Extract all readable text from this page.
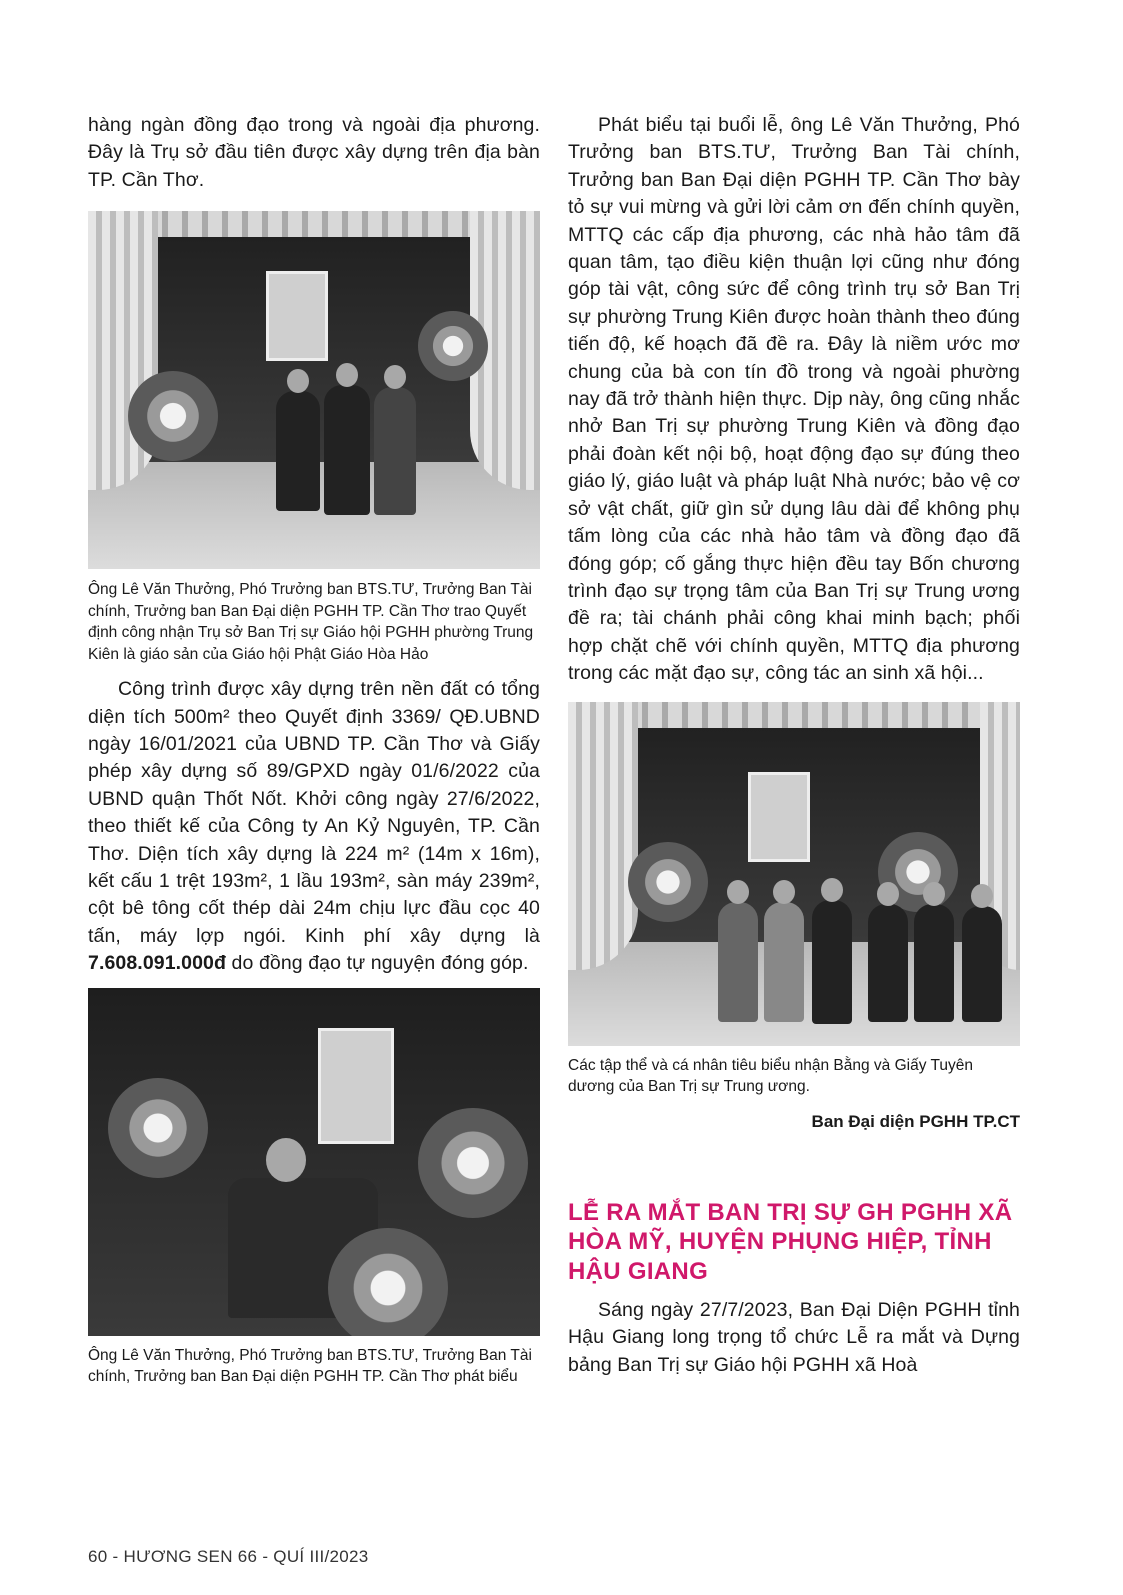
hàng ngàn đồng đạo trong và ngoài địa phương. Đây là Trụ sở đầu tiên được xây dựng trên địa bàn TP. Cần Thơ.

Ông Lê Văn Thưởng, Phó Trưởng ban BTS.TƯ, Trưởng Ban Tài chính, Trưởng ban Ban Đại diện PGHH TP. Cần Thơ trao Quyết định công nhận Trụ sở Ban Trị sự Giáo hội PGHH phường Trung Kiên là giáo sản của Giáo hội Phật Giáo Hòa Hảo

Công trình được xây dựng trên nền đất có tổng diện tích 500m² theo Quyết định 3369/ QĐ.UBND ngày 16/01/2021 của UBND TP. Cần Thơ và Giấy phép xây dựng số 89/GPXD ngày 01/6/2022 của UBND quận Thốt Nốt. Khởi công ngày 27/6/2022, theo thiết kế của Công ty An Kỷ Nguyên, TP. Cần Thơ. Diện tích xây dựng là 224 m² (14m x 16m), kết cấu 1 trệt 193m², 1 lầu 193m², sàn máy 239m², cột bê tông cốt thép dài 24m chịu lực đầu cọc 40 tấn, máy lợp ngói. Kinh phí xây dựng là 7.608.091.000đ do đồng đạo tự nguyện đóng góp.

Ông Lê Văn Thưởng, Phó Trưởng ban BTS.TƯ, Trưởng Ban Tài chính, Trưởng ban Ban Đại diện PGHH TP. Cần Thơ phát biểu

Phát biểu tại buổi lễ, ông Lê Văn Thưởng, Phó Trưởng ban BTS.TƯ, Trưởng Ban Tài chính, Trưởng ban Ban Đại diện PGHH TP. Cần Thơ bày tỏ sự vui mừng và gửi lời cảm ơn đến chính quyền, MTTQ các cấp địa phương, các nhà hảo tâm đã quan tâm, tạo điều kiện thuận lợi cũng như đóng góp tài vật, công sức để công trình trụ sở Ban Trị sự phường Trung Kiên được hoàn thành theo đúng tiến độ, kế hoạch đã đề ra. Đây là niềm ước mơ chung của bà con tín đồ trong và ngoài phường nay đã trở thành hiện thực. Dịp này, ông cũng nhắc nhở Ban Trị sự phường Trung Kiên và đồng đạo phải đoàn kết nội bộ, hoạt động đạo sự đúng theo giáo lý, giáo luật và pháp luật Nhà nước; bảo vệ cơ sở vật chất, giữ gìn sử dụng lâu dài để không phụ tấm lòng của các nhà hảo tâm và đồng đạo đã đóng góp; cố gắng thực hiện đều tay Bốn chương trình đạo sự trọng tâm của Ban Trị sự Trung ương đề ra; tài chánh phải công khai minh bạch; phối hợp chặt chẽ với chính quyền, MTTQ địa phương trong các mặt đạo sự, công tác an sinh xã hội...

Các tập thể và cá nhân tiêu biểu nhận Bằng và Giấy Tuyên dương của Ban Trị sự Trung ương.

Ban Đại diện PGHH TP.CT

LỄ RA MẮT BAN TRỊ SỰ GH PGHH XÃ HÒA MỸ, HUYỆN PHỤNG HIỆP, TỈNH HẬU GIANG

Sáng ngày 27/7/2023, Ban Đại Diện PGHH tỉnh Hậu Giang long trọng tổ chức Lễ ra mắt và Dựng bảng Ban Trị sự Giáo hội PGHH xã Hoà

60 - HƯƠNG SEN 66 - QUÍ III/2023
